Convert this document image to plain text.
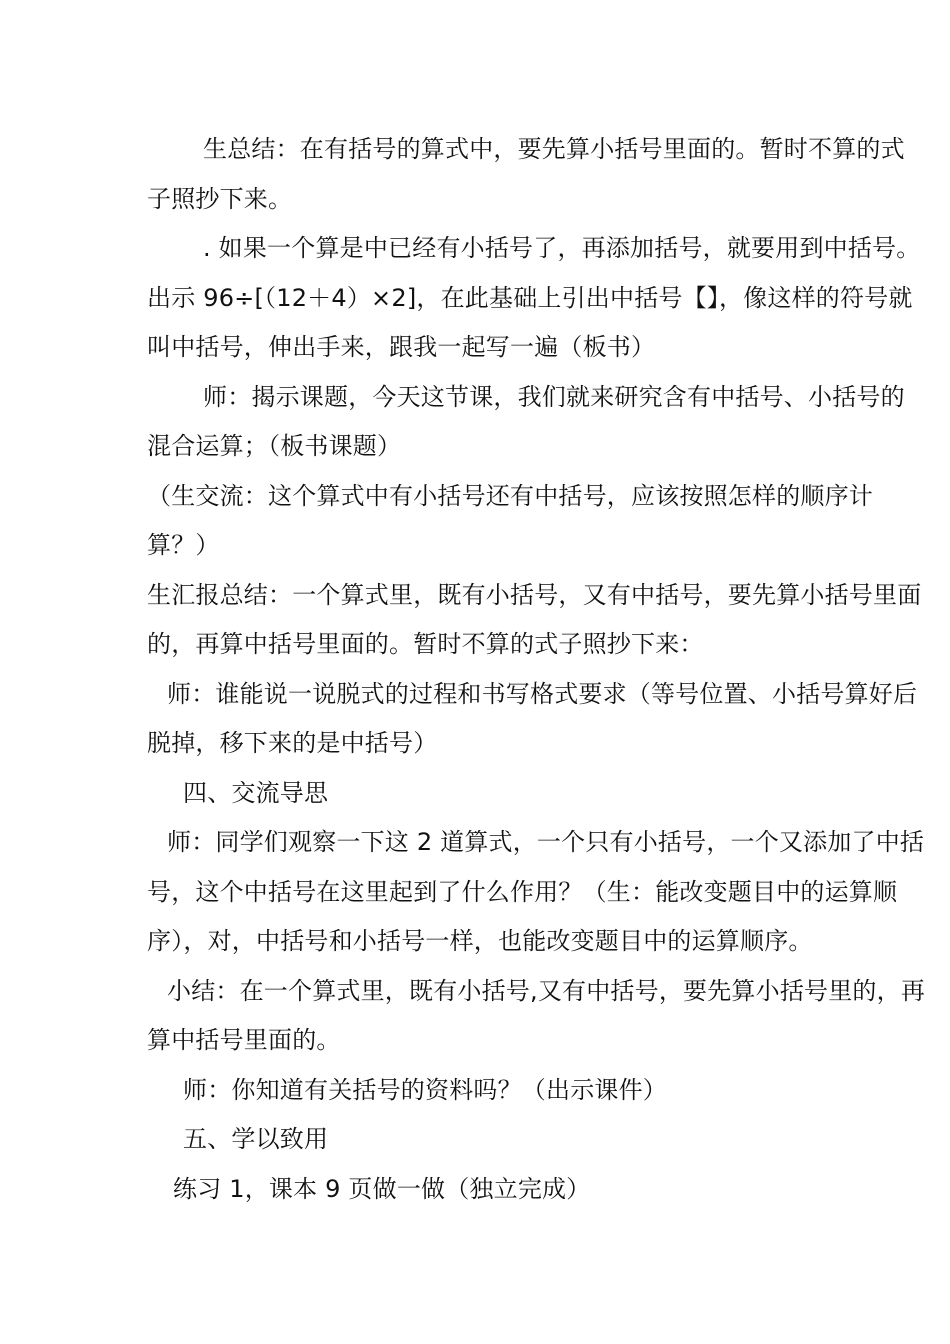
生总结：在有括号的算式中，要先算小括号里面的。暂时不算的式子照抄下来。

. 如果一个算是中已经有小括号了，再添加括号，就要用到中括号。出示 96÷[（12＋4）×2]，在此基础上引出中括号【】，像这样的符号就叫中括号，伸出手来，跟我一起写一遍（板书）

师：揭示课题，今天这节课，我们就来研究含有中括号、小括号的混合运算；（板书课题）

（生交流：这个算式中有小括号还有中括号，应该按照怎样的顺序计算？）

生汇报总结：一个算式里，既有小括号，又有中括号，要先算小括号里面的，再算中括号里面的。暂时不算的式子照抄下来：

师：谁能说一说脱式的过程和书写格式要求（等号位置、小括号算好后脱掉，移下来的是中括号）

四、交流导思

师：同学们观察一下这 2 道算式，一个只有小括号，一个又添加了中括号，这个中括号在这里起到了什么作用？（生：能改变题目中的运算顺序），对，中括号和小括号一样，也能改变题目中的运算顺序。

小结：在一个算式里，既有小括号,又有中括号，要先算小括号里的，再算中括号里面的。

师：你知道有关括号的资料吗？（出示课件）

五、学以致用

练习 1，课本 9 页做一做（独立完成）
